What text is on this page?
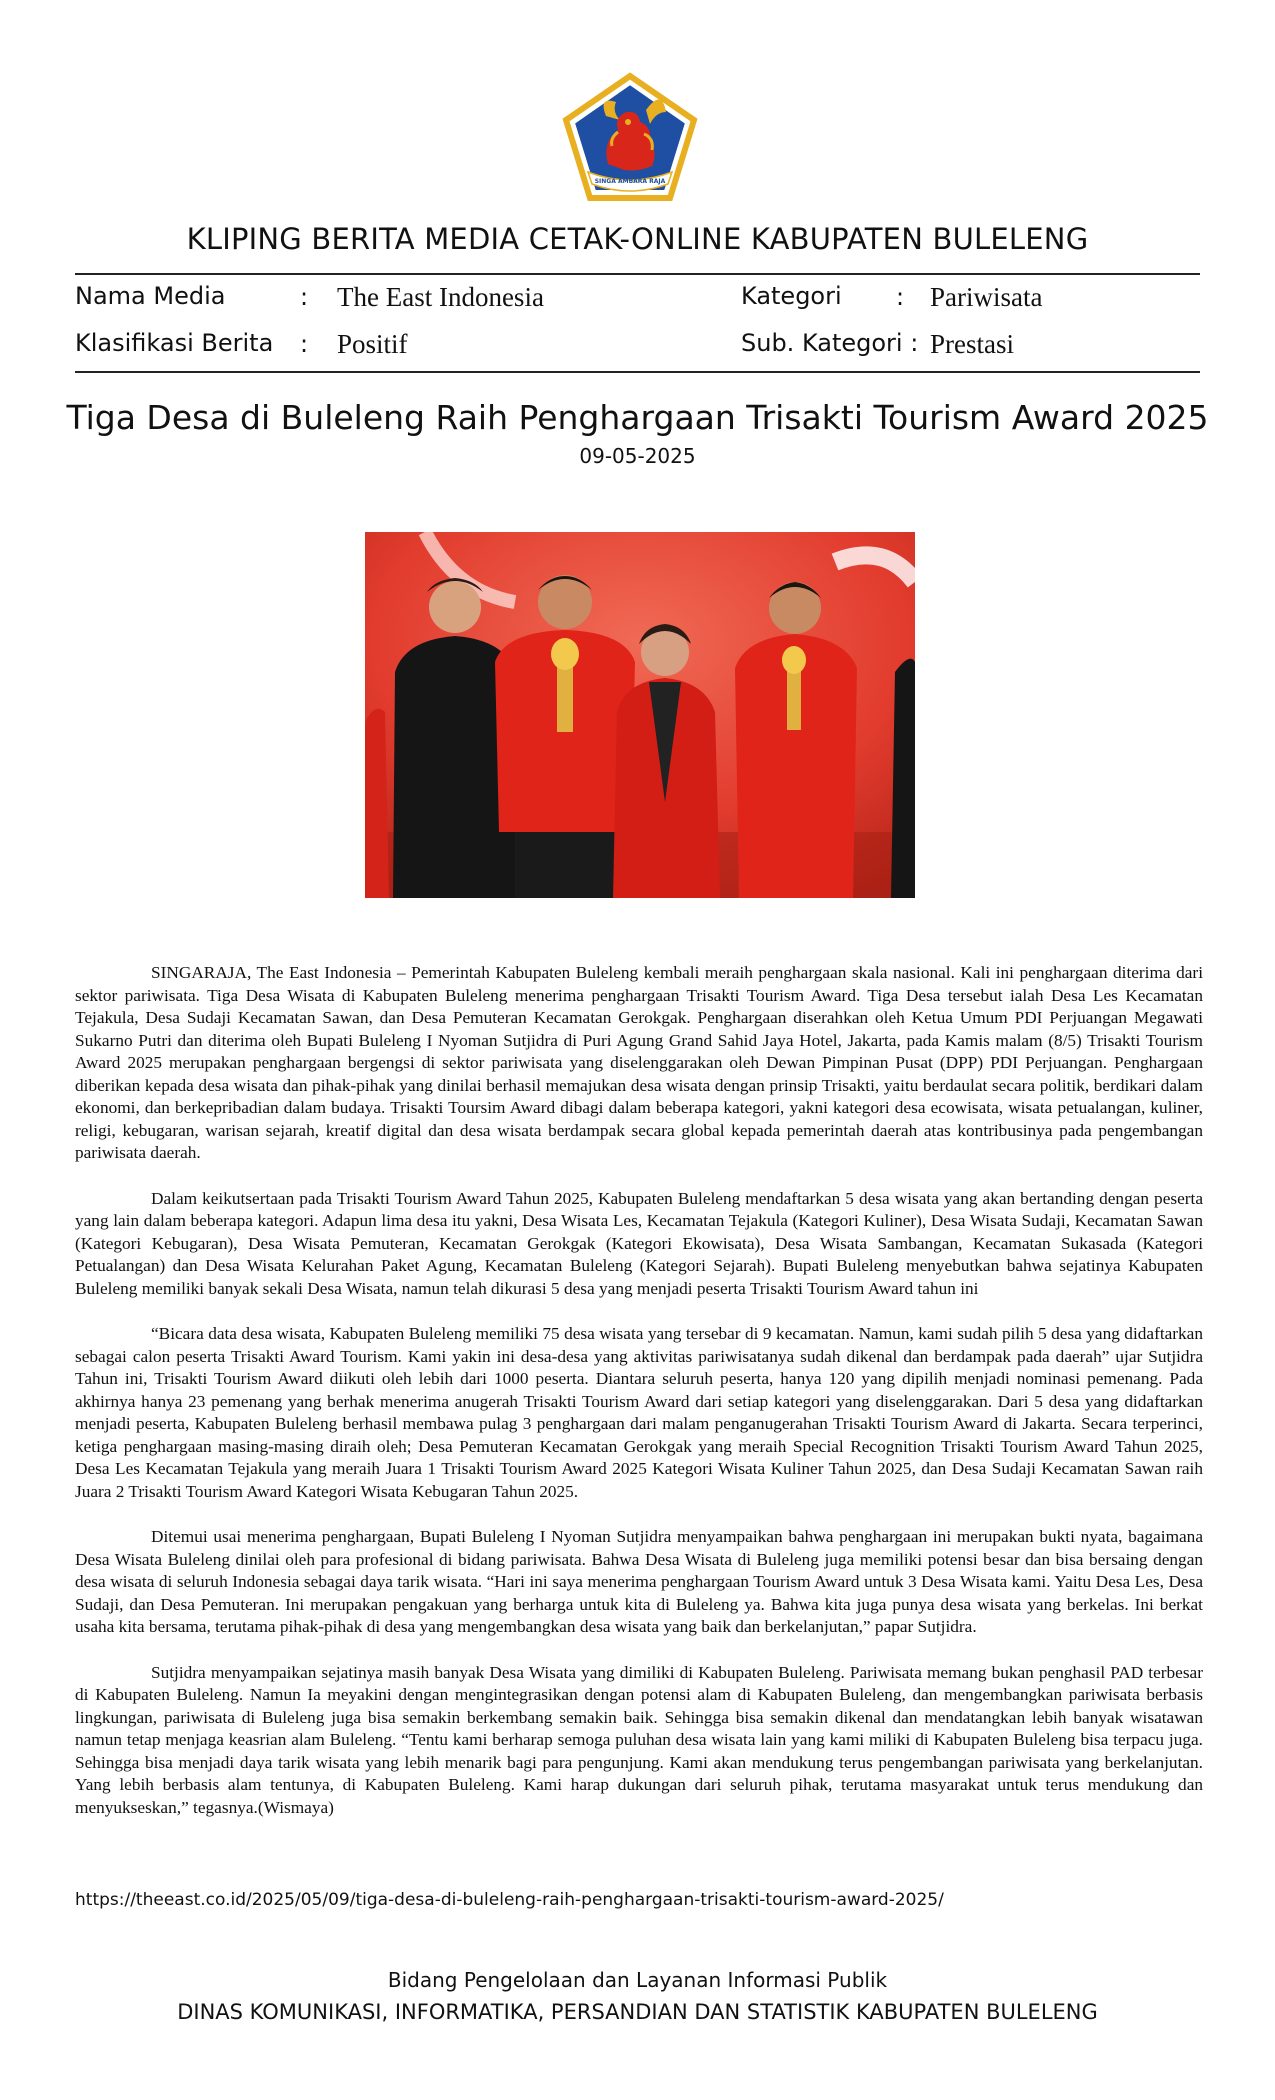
SINGA AMBARA RAJA
KLIPING BERITA MEDIA CETAK-ONLINE KABUPATEN BULELENG
Nama Media	: The East Indonesia	Kategori : Pariwisata
Klasifikasi Berita : Positif	Sub. Kategori : Prestasi
Tiga Desa di Buleleng Raih Penghargaan Trisakti Tourism Award 2025
09-05-2025

SINGARAJA, The East Indonesia – Pemerintah Kabupaten Buleleng kembali meraih penghargaan skala nasional. Kali ini penghargaan diterima dari sektor pariwisata. Tiga Desa Wisata di Kabupaten Buleleng menerima penghargaan Trisakti Tourism Award. Tiga Desa tersebut ialah Desa Les Kecamatan Tejakula, Desa Sudaji Kecamatan Sawan, dan Desa Pemuteran Kecamatan Gerokgak. Penghargaan diserahkan oleh Ketua Umum PDI Perjuangan Megawati Sukarno Putri dan diterima oleh Bupati Buleleng I Nyoman Sutjidra di Puri Agung Grand Sahid Jaya Hotel, Jakarta, pada Kamis malam (8/5) Trisakti Tourism Award 2025 merupakan penghargaan bergengsi di sektor pariwisata yang diselenggarakan oleh Dewan Pimpinan Pusat (DPP) PDI Perjuangan. Penghargaan diberikan kepada desa wisata dan pihak-pihak yang dinilai berhasil memajukan desa wisata dengan prinsip Trisakti, yaitu berdaulat secara politik, berdikari dalam ekonomi, dan berkepribadian dalam budaya. Trisakti Toursim Award dibagi dalam beberapa kategori, yakni kategori desa ecowisata, wisata petualangan, kuliner, religi, kebugaran, warisan sejarah, kreatif digital dan desa wisata berdampak secara global kepada pemerintah daerah atas kontribusinya pada pengembangan pariwisata daerah.

Dalam keikutsertaan pada Trisakti Tourism Award Tahun 2025, Kabupaten Buleleng mendaftarkan 5 desa wisata yang akan bertanding dengan peserta yang lain dalam beberapa kategori. Adapun lima desa itu yakni, Desa Wisata Les, Kecamatan Tejakula (Kategori Kuliner), Desa Wisata Sudaji, Kecamatan Sawan (Kategori Kebugaran), Desa Wisata Pemuteran, Kecamatan Gerokgak (Kategori Ekowisata), Desa Wisata Sambangan, Kecamatan Sukasada (Kategori Petualangan) dan Desa Wisata Kelurahan Paket Agung, Kecamatan Buleleng (Kategori Sejarah). Bupati Buleleng menyebutkan bahwa sejatinya Kabupaten Buleleng memiliki banyak sekali Desa Wisata, namun telah dikurasi 5 desa yang menjadi peserta Trisakti Tourism Award tahun ini

“Bicara data desa wisata, Kabupaten Buleleng memiliki 75 desa wisata yang tersebar di 9 kecamatan. Namun, kami sudah pilih 5 desa yang didaftarkan sebagai calon peserta Trisakti Award Tourism. Kami yakin ini desa-desa yang aktivitas pariwisatanya sudah dikenal dan berdampak pada daerah” ujar Sutjidra Tahun ini, Trisakti Tourism Award diikuti oleh lebih dari 1000 peserta. Diantara seluruh peserta, hanya 120 yang dipilih menjadi nominasi pemenang. Pada akhirnya hanya 23 pemenang yang berhak menerima anugerah Trisakti Tourism Award dari setiap kategori yang diselenggarakan. Dari 5 desa yang didaftarkan menjadi peserta, Kabupaten Buleleng berhasil membawa pulag 3 penghargaan dari malam penganugerahan Trisakti Tourism Award di Jakarta. Secara terperinci, ketiga penghargaan masing-masing diraih oleh; Desa Pemuteran Kecamatan Gerokgak yang meraih Special Recognition Trisakti Tourism Award Tahun 2025, Desa Les Kecamatan Tejakula yang meraih Juara 1 Trisakti Tourism Award 2025 Kategori Wisata Kuliner Tahun 2025, dan Desa Sudaji Kecamatan Sawan raih Juara 2 Trisakti Tourism Award Kategori Wisata Kebugaran Tahun 2025.

Ditemui usai menerima penghargaan, Bupati Buleleng I Nyoman Sutjidra menyampaikan bahwa penghargaan ini merupakan bukti nyata, bagaimana Desa Wisata Buleleng dinilai oleh para profesional di bidang pariwisata. Bahwa Desa Wisata di Buleleng juga memiliki potensi besar dan bisa bersaing dengan desa wisata di seluruh Indonesia sebagai daya tarik wisata. “Hari ini saya menerima penghargaan Tourism Award untuk 3 Desa Wisata kami. Yaitu Desa Les, Desa Sudaji, dan Desa Pemuteran. Ini merupakan pengakuan yang berharga untuk kita di Buleleng ya. Bahwa kita juga punya desa wisata yang berkelas. Ini berkat usaha kita bersama, terutama pihak-pihak di desa yang mengembangkan desa wisata yang baik dan berkelanjutan,” papar Sutjidra.

Sutjidra menyampaikan sejatinya masih banyak Desa Wisata yang dimiliki di Kabupaten Buleleng. Pariwisata memang bukan penghasil PAD terbesar di Kabupaten Buleleng. Namun Ia meyakini dengan mengintegrasikan dengan potensi alam di Kabupaten Buleleng, dan mengembangkan pariwisata berbasis lingkungan, pariwisata di Buleleng juga bisa semakin berkembang semakin baik. Sehingga bisa semakin dikenal dan mendatangkan lebih banyak wisatawan namun tetap menjaga keasrian alam Buleleng. “Tentu kami berharap semoga puluhan desa wisata lain yang kami miliki di Kabupaten Buleleng bisa terpacu juga. Sehingga bisa menjadi daya tarik wisata yang lebih menarik bagi para pengunjung. Kami akan mendukung terus pengembangan pariwisata yang berkelanjutan. Yang lebih berbasis alam tentunya, di Kabupaten Buleleng. Kami harap dukungan dari seluruh pihak, terutama masyarakat untuk terus mendukung dan menyukseskan,” tegasnya.(Wismaya)

https://theeast.co.id/2025/05/09/tiga-desa-di-buleleng-raih-penghargaan-trisakti-tourism-award-2025/
Bidang Pengelolaan dan Layanan Informasi Publik
DINAS KOMUNIKASI, INFORMATIKA, PERSANDIAN DAN STATISTIK KABUPATEN BULELENG
